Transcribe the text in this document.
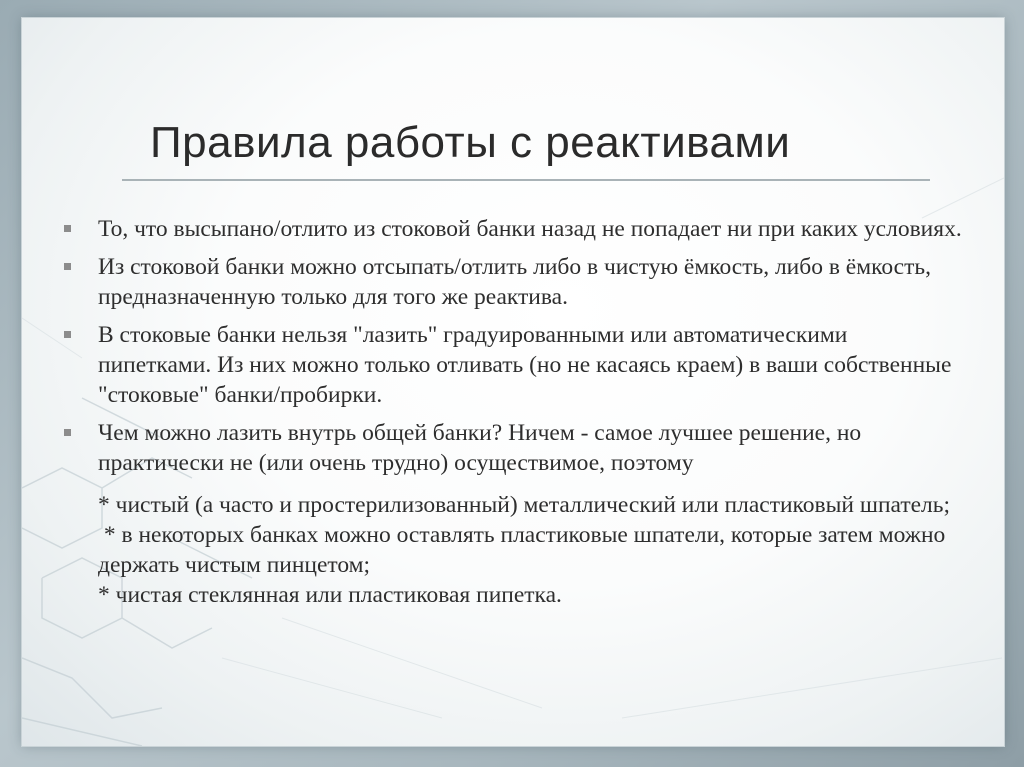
Правила работы с реактивами
То, что высыпано/отлито из стоковой банки назад не попадает ни при каких условиях.
Из стоковой банки можно отсыпать/отлить либо в чистую ёмкость, либо в ёмкость, предназначенную только для того же реактива.
В стоковые банки нельзя "лазить" градуированными или автоматическими пипетками. Из них можно только отливать (но не касаясь краем) в ваши собственные "стоковые" банки/пробирки.
Чем можно лазить внутрь общей банки? Ничем - самое лучшее решение, но практически не (или очень трудно) осуществимое, поэтому
* чистый (а часто и простерилизованный) металлический или пластиковый шпатель;
* в некоторых банках можно оставлять пластиковые шпатели, которые затем можно держать чистым пинцетом;
* чистая стеклянная или пластиковая пипетка.
